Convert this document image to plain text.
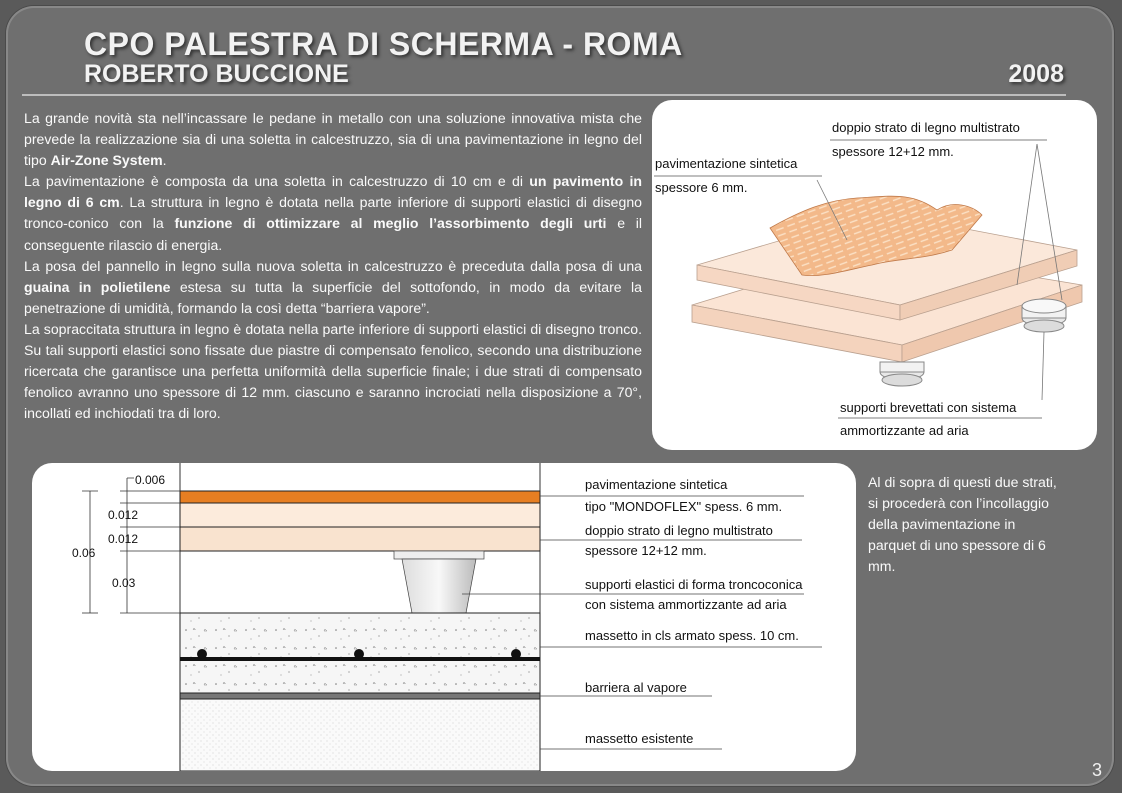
CPO PALESTRA DI SCHERMA - ROMA
ROBERTO BUCCIONE	2008

La grande novità sta nell’incassare le pedane in metallo con una soluzione innovativa mista che prevede la realizzazione sia di una soletta in calcestruzzo, sia di una pavimentazione in legno del tipo Air-Zone System.

La pavimentazione è composta da una soletta in calcestruzzo di 10 cm e di un pavimento in legno di 6 cm. La struttura in legno è dotata nella parte inferiore di supporti elastici di disegno tronco-conico con la funzione di ottimizzare al meglio l’assorbimento degli urti e il conseguente rilascio di energia.

La posa del pannello in legno sulla nuova soletta in calcestruzzo è preceduta dalla posa di una guaina in polietilene estesa su tutta la superficie del sottofondo, in modo da evitare la penetrazione di umidità, formando la così detta “barriera vapore”.

La sopraccitata struttura in legno è dotata nella parte inferiore di supporti elastici di disegno tronco. Su tali supporti elastici sono fissate due piastre di compensato fenolico, secondo una distribuzione ricercata che garantisce una perfetta uniformità della superficie finale; i due strati di compensato fenolico avranno uno spessore di 12 mm. ciascuno e saranno incrociati nella disposizione a 70°, incollati ed inchiodati tra di loro.

doppio strato di legno multistrato
spessore 12+12 mm.
pavimentazione sintetica
spessore 6 mm.
supporti brevettati con sistema
ammortizzante ad aria
0.006
0.012
0.012
0.06
0.03
pavimentazione sintetica
tipo "MONDOFLEX" spess. 6 mm.
doppio strato di legno multistrato
spessore 12+12 mm.
supporti elastici di forma troncoconica
con sistema ammortizzante ad aria
massetto in cls armato spess. 10 cm.
barriera al vapore
massetto esistente
Al di sopra di questi due strati, si procederà con l’incollaggio della pavimentazione in parquet di uno spessore di 6 mm.
3
